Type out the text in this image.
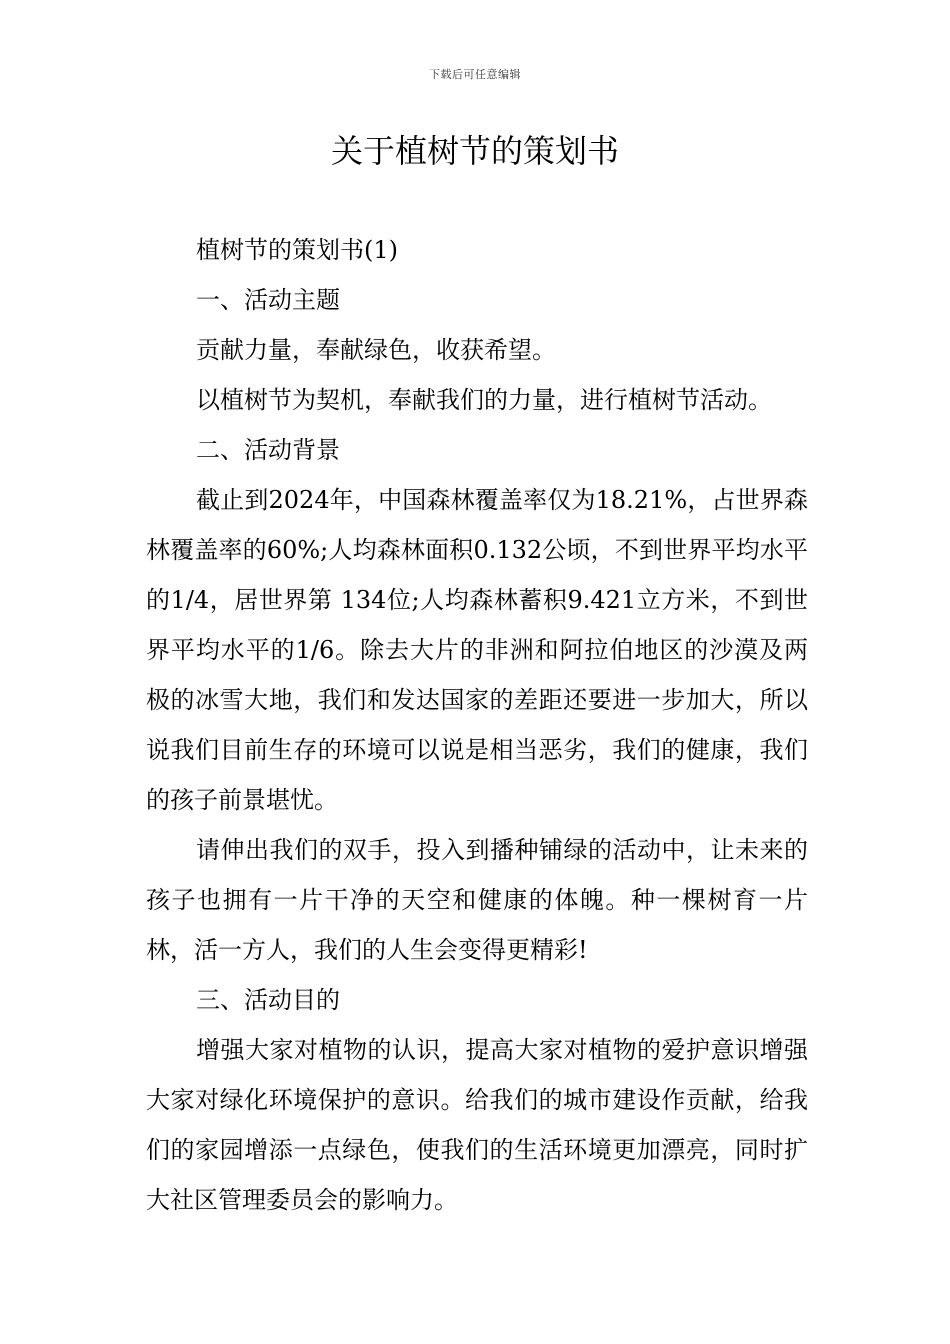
下载后可任意编辑
关于植树节的策划书

植树节的策划书(1)

一、活动主题

贡献力量，奉献绿色，收获希望。

以植树节为契机，奉献我们的力量，进行植树节活动。

二、活动背景

截止到2024年，中国森林覆盖率仅为18.21%，占世界森林覆盖率的60%;人均森林面积0.132公顷，不到世界平均水平的1/4，居世界第 134位;人均森林蓄积9.421立方米，不到世界平均水平的1/6。除去大片的非洲和阿拉伯地区的沙漠及两极的冰雪大地，我们和发达国家的差距还要进一步加大，所以说我们目前生存的环境可以说是相当恶劣，我们的健康，我们的孩子前景堪忧。

请伸出我们的双手，投入到播种铺绿的活动中，让未来的孩子也拥有一片干净的天空和健康的体魄。种一棵树育一片林，活一方人，我们的人生会变得更精彩!

三、活动目的

增强大家对植物的认识，提高大家对植物的爱护意识增强大家对绿化环境保护的意识。给我们的城市建设作贡献，给我们的家园增添一点绿色，使我们的生活环境更加漂亮，同时扩大社区管理委员会的影响力。
